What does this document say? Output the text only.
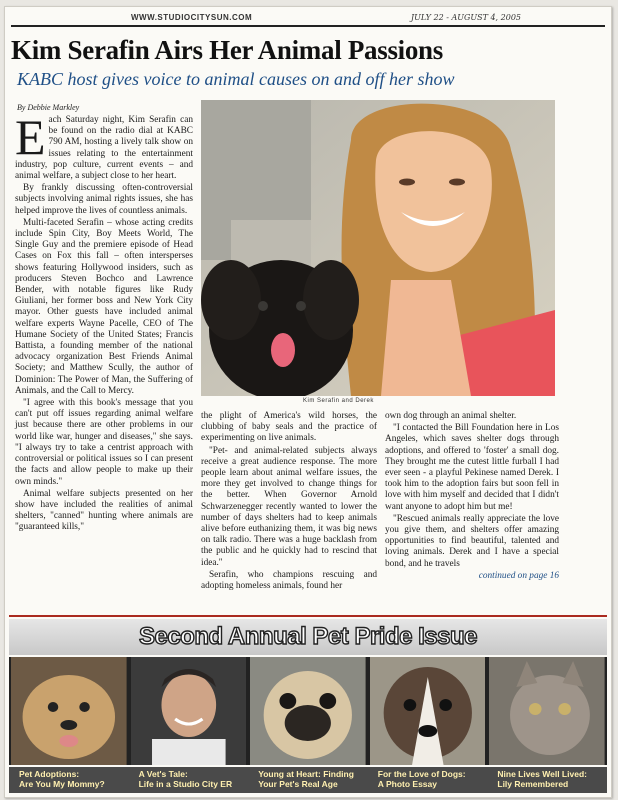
WWW.STUDIOCITYSUN.COM	JULY 22 - AUGUST 4, 2005
Kim Serafin Airs Her Animal Passions
KABC host gives voice to animal causes on and off her show
By Debbie Markley
Kim Serafin and Derek
E ach Saturday night, Kim Serafin can be found on the radio dial at KABC 790 AM, hosting a lively talk show on issues relating to the entertainment industry, pop culture, current events – and animal welfare, a subject close to her heart.

By frankly discussing often-controversial subjects involving animal rights issues, she has helped improve the lives of countless animals.

Multi-faceted Serafin – whose acting credits include Spin City, Boy Meets World, The Single Guy and the premiere episode of Head Cases on Fox this fall – often intersperses shows featuring Hollywood insiders, such as producers Steven Bochco and Lawrence Bender, with notable figures like Rudy Giuliani, her former boss and New York City mayor. Other guests have included animal welfare experts Wayne Pacelle, CEO of The Humane Society of the United States; Francis Battista, a founding member of the national advocacy organization Best Friends Animal Society; and Matthew Scully, the author of Dominion: The Power of Man, the Suffering of Animals, and the Call to Mercy.

"I agree with this book's message that you can't put off issues regarding animal welfare just because there are other problems in our world like war, hunger and diseases," she says. "I always try to take a centrist approach with controversial or political issues so I can present the facts and allow people to make up their own minds."

Animal welfare subjects presented on her show have included the realities of animal shelters, "canned" hunting where animals are "guaranteed kills,"

the plight of America's wild horses, the clubbing of baby seals and the practice of experimenting on live animals.

"Pet- and animal-related subjects always receive a great audience response. The more people learn about animal welfare issues, the more they get involved to change things for the better. When Governor Arnold Schwarzenegger recently wanted to lower the number of days shelters had to keep animals alive before euthanizing them, it was big news on talk radio. There was a huge backlash from the public and he quickly had to rescind that idea."

Serafin, who champions rescuing and adopting homeless animals, found her

own dog through an animal shelter.

"I contacted the Bill Foundation here in Los Angeles, which saves shelter dogs through adoptions, and offered to 'foster' a small dog. They brought me the cutest little furball I had ever seen - a playful Pekinese named Derek. I took him to the adoption fairs but soon fell in love with him myself and decided that I didn't want anyone to adopt him but me!

"Rescued animals really appreciate the love you give them, and shelters offer amazing opportunities to find beautiful, talented and loving animals. Derek and I have a special bond, and he travels

continued on page 16

Second Annual Pet Pride Issue
Pet Adoptions:
Are You My Mommy?
A Vet's Tale:
Life in a Studio City ER
Young at Heart: Finding
Your Pet's Real Age
For the Love of Dogs:
A Photo Essay
Nine Lives Well Lived:
Lily Remembered
